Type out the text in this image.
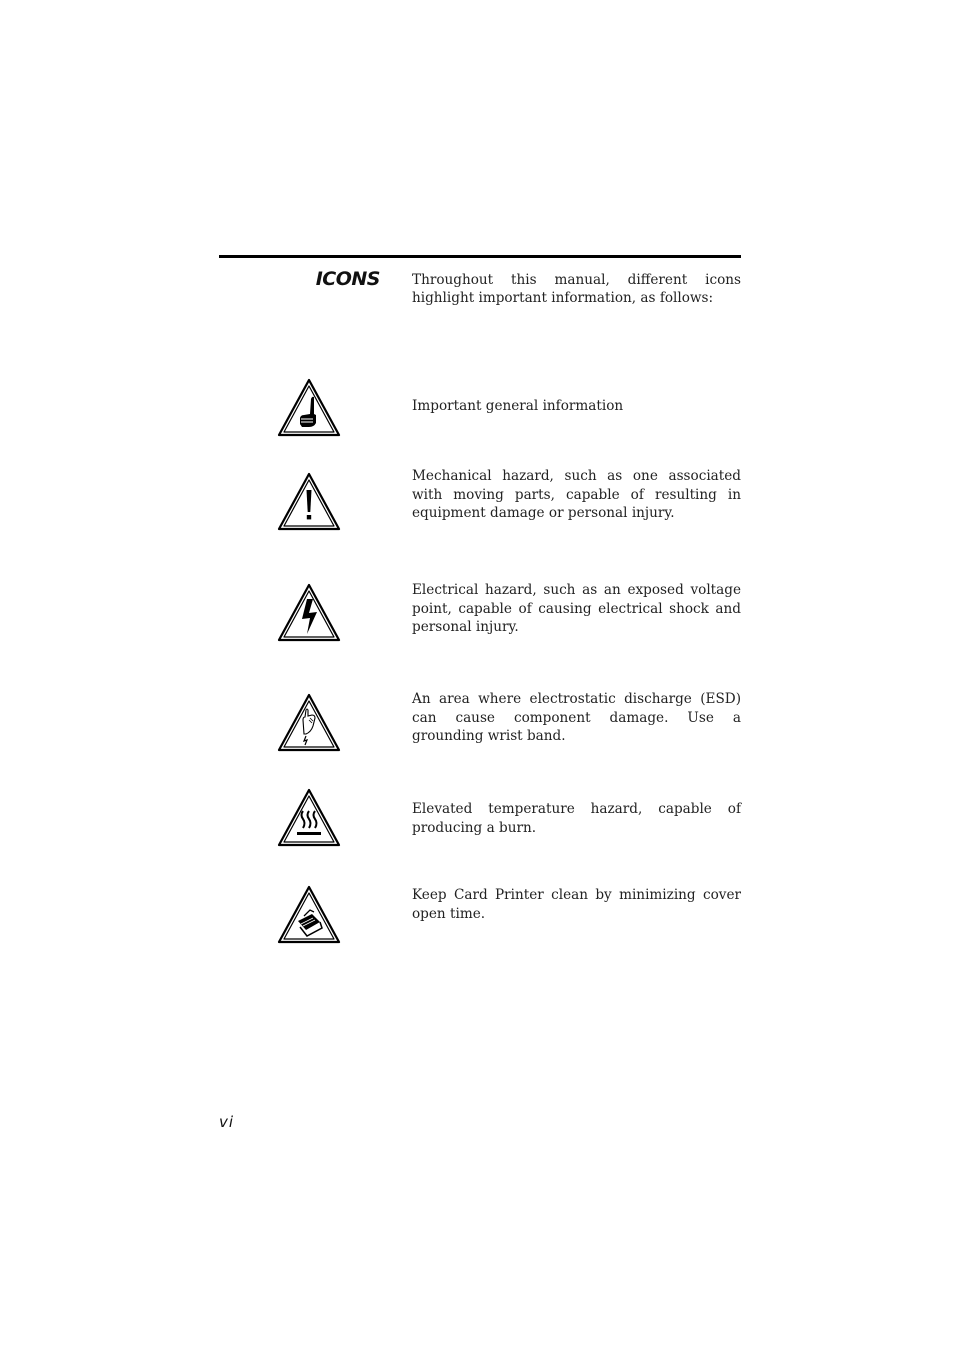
ICONS Throughout this manual, different icons highlight important information, as follows:
Important general information
Mechanical hazard, such as one associated with moving parts, capable of resulting in equipment damage or personal injury.
Electrical hazard, such as an exposed voltage point, capable of causing electrical shock and personal injury.
An area where electrostatic discharge (ESD) can cause component damage. Use a grounding wrist band.
Elevated temperature hazard, capable of producing a burn.
Keep Card Printer clean by minimizing cover open time.
vi
